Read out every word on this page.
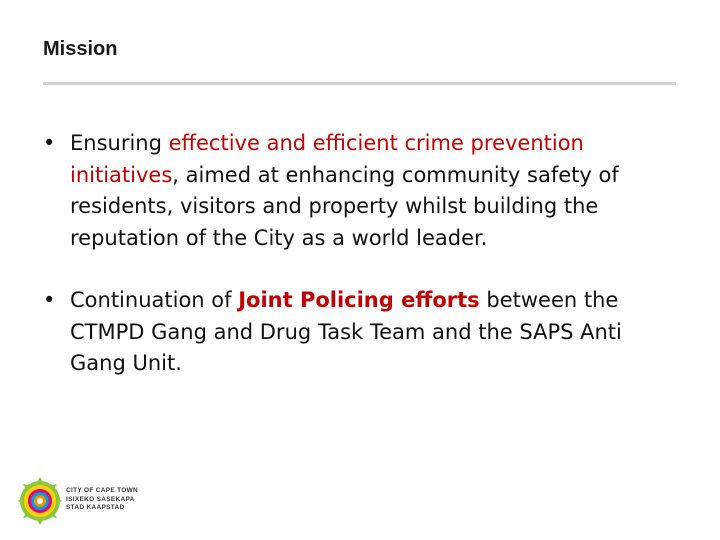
Mission
• Ensuring effective and efficient crime prevention initiatives, aimed at enhancing community safety of residents, visitors and property whilst building the reputation of the City as a world leader.
• Continuation of Joint Policing efforts between the CTMPD Gang and Drug Task Team and the SAPS Anti Gang Unit.
CITY OF CAPE TOWN
ISIXEKO SASEKAPA
STAD KAAPSTAD
